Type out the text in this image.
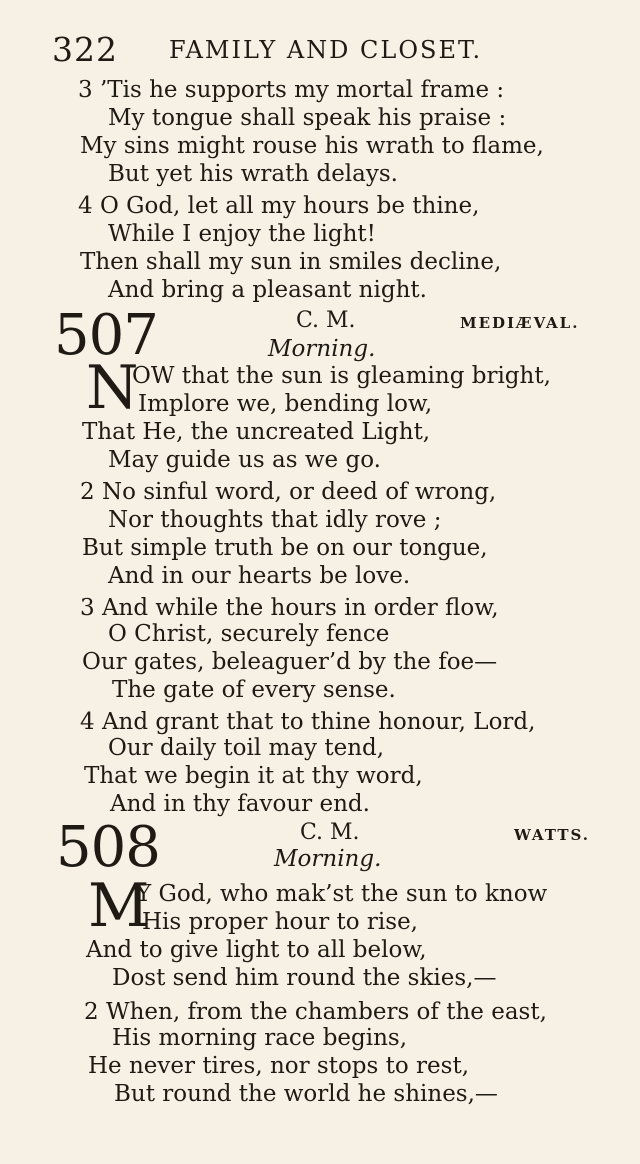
322 FAMILY AND CLOSET.
3 ’Tis he supports my mortal frame :
My tongue shall speak his praise :
My sins might rouse his wrath to flame,
But yet his wrath delays.
4 O God, let all my hours be thine,
While I enjoy the light!
Then shall my sun in smiles decline,
And bring a pleasant night.
507	C. M.	MEDIÆVAL.
Morning.
N
OW that the sun is gleaming bright,
Implore we, bending low,
That He, the uncreated Light,
May guide us as we go.
2 No sinful word, or deed of wrong,
Nor thoughts that idly rove ;
But simple truth be on our tongue,
And in our hearts be love.
3 And while the hours in order flow,
O Christ, securely fence
Our gates, beleaguer’d by the foe—
The gate of every sense.
4 And grant that to thine honour, Lord,
Our daily toil may tend,
That we begin it at thy word,
And in thy favour end.
508	C. M.	WATTS.
Morning.
M
Y God, who mak’st the sun to know
His proper hour to rise,
And to give light to all below,
Dost send him round the skies,—
2 When, from the chambers of the east,
His morning race begins,
He never tires, nor stops to rest,
But round the world he shines,—
